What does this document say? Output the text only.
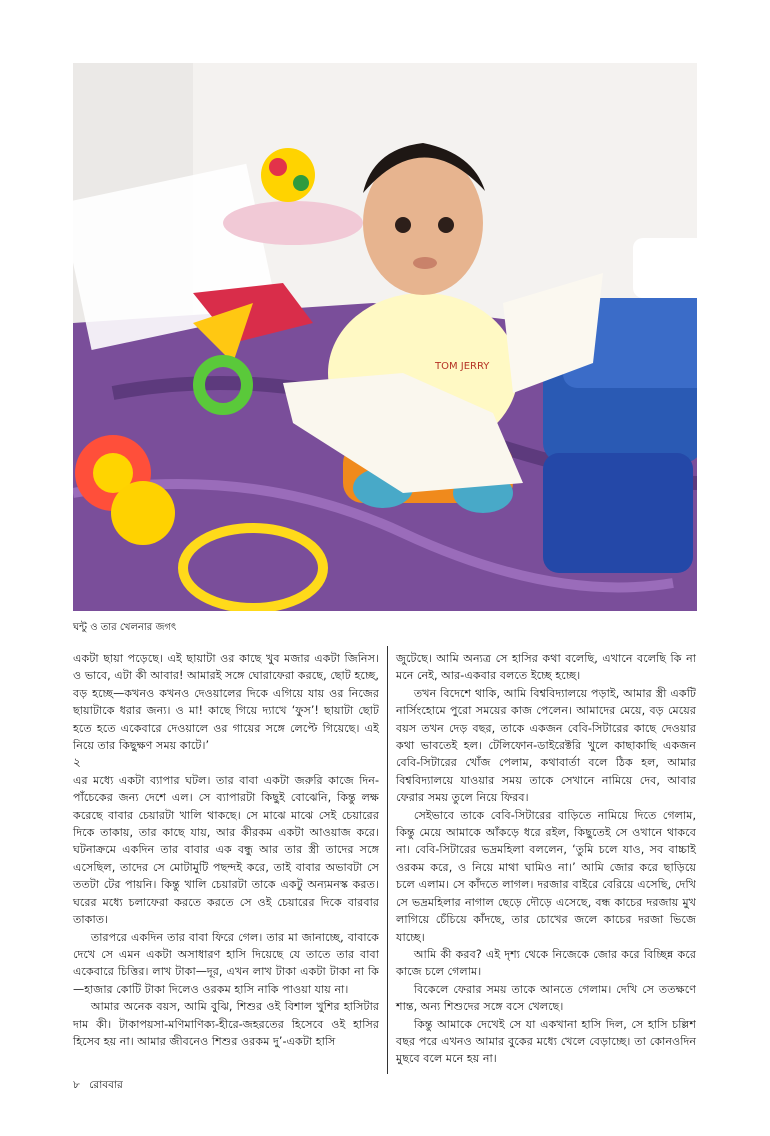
TOM JERRY
ঘন্টু ও তার খেলনার জগৎ

একটা ছায়া পড়েছে। এই ছায়াটা ওর কাছে খুব মজার একটা জিনিস। ও ভাবে, এটা কী আবার! আমারই সঙ্গে ঘোরাফেরা করছে, ছোট হচ্ছে, বড় হচ্ছে—কখনও কখনও দেওয়ালের দিকে এগিয়ে যায় ওর নিজের ছায়াটাকে ধরার জন্য। ও মা! কাছে গিয়ে দ্যাখে ‘ফুস’! ছায়াটা ছোট হতে হতে একেবারে দেওয়ালে ওর গায়ের সঙ্গে লেপ্টে গিয়েছে। এই নিয়ে তার কিছুক্ষণ সময় কাটে।’

২

এর মধ্যে একটা ব্যাপার ঘটল। তার বাবা একটা জরুরি কাজে দিন-পাঁচেকের জন্য দেশে এল। সে ব্যাপারটা কিছুই বোঝেনি, কিন্তু লক্ষ করেছে বাবার চেয়ারটা খালি থাকছে। সে মাঝে মাঝে সেই চেয়ারের দিকে তাকায়, তার কাছে যায়, আর কীরকম একটা আওয়াজ করে। ঘটনাক্রমে একদিন তার বাবার এক বন্ধু আর তার স্ত্রী তাদের সঙ্গে এসেছিল, তাদের সে মোটামুটি পছন্দই করে, তাই বাবার অভাবটা সে ততটা টের পায়নি। কিন্তু খালি চেয়ারটা তাকে একটু অন্যমনস্ক করত। ঘরের মধ্যে চলাফেরা করতে করতে সে ওই চেয়ারের দিকে বারবার তাকাত।

তারপরে একদিন তার বাবা ফিরে গেল। তার মা জানাচ্ছে, বাবাকে দেখে সে এমন একটা অসাধারণ হাসি দিয়েছে যে তাতে তার বাবা একেবারে চিত্তির। লাখ টাকা—দূর, এখন লাখ টাকা একটা টাকা না কি—হাজার কোটি টাকা দিলেও ওরকম হাসি নাকি পাওয়া যায় না।

আমার অনেক বয়স, আমি বুঝি, শিশুর ওই বিশাল খুশির হাসিটার দাম কী। টাকাপয়সা-মণিমাণিক্য-হীরে-জহরতের হিসেবে ওই হাসির হিসেব হয় না। আমার জীবনেও শিশুর ওরকম দু’-একটা হাসি

জুটেছে। আমি অন্যত্র সে হাসির কথা বলেছি, এখানে বলেছি কি না মনে নেই, আর-একবার বলতে ইচ্ছে হচ্ছে।

তখন বিদেশে থাকি, আমি বিশ্ববিদ্যালয়ে পড়াই, আমার স্ত্রী একটি নার্সিংহোমে পুরো সময়ের কাজ পেলেন। আমাদের মেয়ে, বড় মেয়ের বয়স তখন দেড় বছর, তাকে একজন বেবি-সিটারের কাছে দেওয়ার কথা ভাবতেই হল। টেলিফোন-ডাইরেক্টরি খুলে কাছাকাছি একজন বেবি-সিটারের খোঁজ পেলাম, কথাবার্তা বলে ঠিক হল, আমার বিশ্ববিদ্যালয়ে যাওয়ার সময় তাকে সেখানে নামিয়ে দেব, আবার ফেরার সময় তুলে নিয়ে ফিরব।

সেইভাবে তাকে বেবি-সিটারের বাড়িতে নামিয়ে দিতে গেলাম, কিন্তু মেয়ে আমাকে আঁকড়ে ধরে রইল, কিছুতেই সে ওখানে থাকবে না। বেবি-সিটারের ভদ্রমহিলা বললেন, ‘তুমি চলে যাও, সব বাচ্চাই ওরকম করে, ও নিয়ে মাথা ঘামিও না।’ আমি জোর করে ছাড়িয়ে চলে এলাম। সে কাঁদতে লাগল। দরজার বাইরে বেরিয়ে এসেছি, দেখি সে ভদ্রমহিলার নাগাল ছেড়ে দৌড়ে এসেছে, বন্ধ কাচের দরজায় মুখ লাগিয়ে চেঁচিয়ে কাঁদছে, তার চোখের জলে কাচের দরজা ভিজে যাচ্ছে।

আমি কী করব? এই দৃশ্য থেকে নিজেকে জোর করে বিচ্ছিন্ন করে কাজে চলে গেলাম।

বিকেলে ফেরার সময় তাকে আনতে গেলাম। দেখি সে ততক্ষণে শান্ত, অন্য শিশুদের সঙ্গে বসে খেলছে।

কিন্তু আমাকে দেখেই সে যা একখানা হাসি দিল, সে হাসি চল্লিশ বছর পরে এখনও আমার বুকের মধ্যে খেলে বেড়াচ্ছে। তা কোনওদিন মুছবে বলে মনে হয় না।

৮ রোববার
